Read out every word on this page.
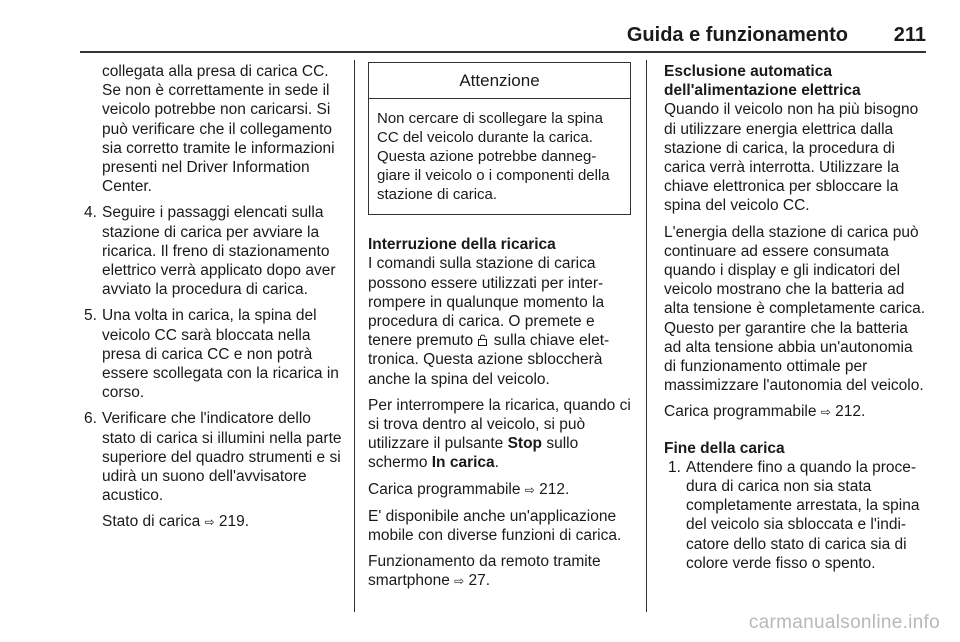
Guida e funzionamento 211

collegata alla presa di carica CC. Se non è correttamente in sede il veicolo potrebbe non caricarsi. Si può verificare che il collegamento sia corretto tramite le informazioni presenti nel Driver Information Center.

4. Seguire i passaggi elencati sulla stazione di carica per avviare la ricarica. Il freno di stazionamento elettrico verrà applicato dopo aver avviato la procedura di carica.
5. Una volta in carica, la spina del veicolo CC sarà bloccata nella presa di carica CC e non potrà essere scollegata con la ricarica in corso.
6. Verificare che l'indicatore dello stato di carica si illumini nella parte superiore del quadro strumenti e si udirà un suono dell'avvisatore acustico.

Stato di carica ⇨ 219.

Attenzione
Non cercare di scollegare la spina CC del veicolo durante la carica. Questa azione potrebbe danneggiare il veicolo o i componenti della stazione di carica.

Interruzione della ricarica

I comandi sulla stazione di carica possono essere utilizzati per interrompere in qualunque momento la procedura di carica. O premete e tenere premuto sulla chiave elettronica. Questa azione sbloccherà anche la spina del veicolo.

Per interrompere la ricarica, quando ci si trova dentro al veicolo, si può utilizzare il pulsante Stop sullo schermo In carica.

Carica programmabile ⇨ 212.

E' disponibile anche un'applicazione mobile con diverse funzioni di carica.

Funzionamento da remoto tramite smartphone ⇨ 27.

Esclusione automatica dell'alimentazione elettrica

Quando il veicolo non ha più bisogno di utilizzare energia elettrica dalla stazione di carica, la procedura di carica verrà interrotta. Utilizzare la chiave elettronica per sbloccare la spina del veicolo CC.

L'energia della stazione di carica può continuare ad essere consumata quando i display e gli indicatori del veicolo mostrano che la batteria ad alta tensione è completamente carica. Questo per garantire che la batteria ad alta tensione abbia un'autonomia di funzionamento ottimale per massimizzare l'autonomia del veicolo.

Carica programmabile ⇨ 212.

Fine della carica

1. Attendere fino a quando la procedura di carica non sia stata completamente arrestata, la spina del veicolo sia sbloccata e l'indicatore dello stato di carica sia di colore verde fisso o spento.
carmanualsonline.info
